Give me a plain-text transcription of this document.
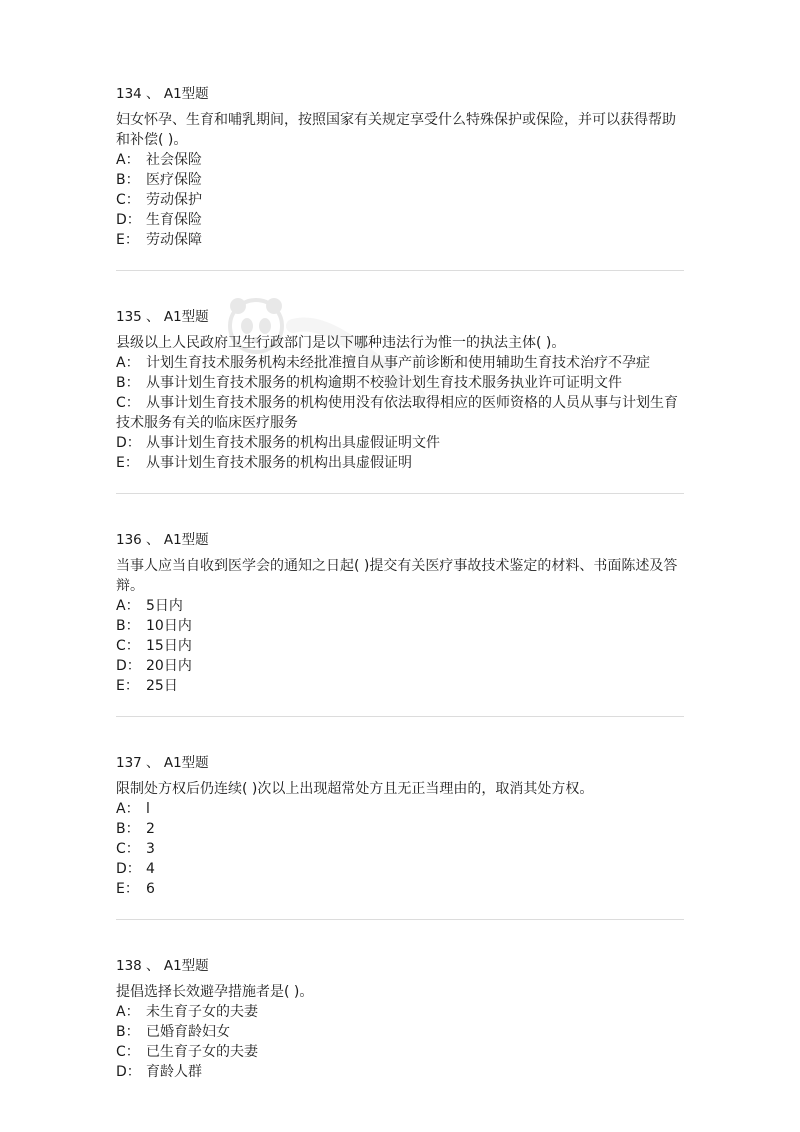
134 、 A1型题
妇女怀孕、生育和哺乳期间，按照国家有关规定享受什么特殊保护或保险，并可以获得帮助和补偿( )。
A： 社会保险
B： 医疗保险
C： 劳动保护
D： 生育保险
E： 劳动保障
135 、 A1型题
县级以上人民政府卫生行政部门是以下哪种违法行为惟一的执法主体( )。
A： 计划生育技术服务机构未经批准擅自从事产前诊断和使用辅助生育技术治疗不孕症
B： 从事计划生育技术服务的机构逾期不校验计划生育技术服务执业许可证明文件
C： 从事计划生育技术服务的机构使用没有依法取得相应的医师资格的人员从事与计划生育技术服务有关的临床医疗服务
D： 从事计划生育技术服务的机构出具虚假证明文件
E： 从事计划生育技术服务的机构出具虚假证明
136 、 A1型题
当事人应当自收到医学会的通知之日起( )提交有关医疗事故技术鉴定的材料、书面陈述及答辩。
A： 5日内
B： 10日内
C： 15日内
D： 20日内
E： 25日
137 、 A1型题
限制处方权后仍连续( )次以上出现超常处方且无正当理由的，取消其处方权。
A： l
B： 2
C： 3
D： 4
E： 6
138 、 A1型题
提倡选择长效避孕措施者是( )。
A： 未生育子女的夫妻
B： 已婚育龄妇女
C： 已生育子女的夫妻
D： 育龄人群
